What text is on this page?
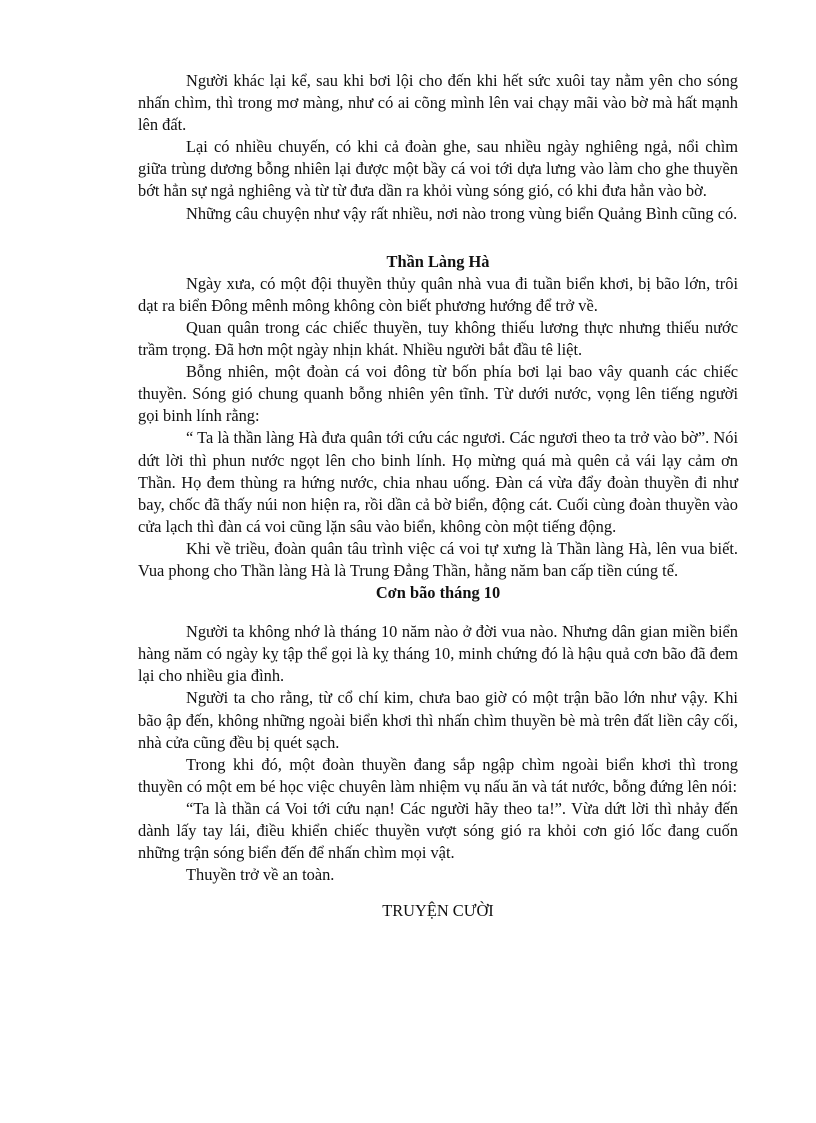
Người khác lại kể, sau khi bơi lội cho đến khi hết sức xuôi tay nằm yên cho sóng nhấn chìm, thì trong mơ màng, như có ai cõng mình lên vai chạy mãi vào bờ mà hất mạnh lên đất.

Lại có nhiều chuyến, có khi cả đoàn ghe, sau nhiều ngày nghiêng ngả, nổi chìm giữa trùng dương bỗng nhiên lại được một bầy cá voi tới dựa lưng vào làm cho ghe thuyền bớt hẳn sự ngả nghiêng và từ từ đưa dần ra khỏi vùng sóng gió, có khi đưa hẳn vào bờ.

Những câu chuyện như vậy rất nhiều, nơi nào trong vùng biển Quảng Bình cũng có.

Thần Làng Hà

Ngày xưa, có một đội thuyền thủy quân nhà vua đi tuần biển khơi, bị bão lớn, trôi dạt ra biển Đông mênh mông không còn biết phương hướng để trở về.

Quan quân trong các chiếc thuyền, tuy không thiếu lương thực nhưng thiếu nước trầm trọng. Đã hơn một ngày nhịn khát. Nhiều người bắt đầu tê liệt.

Bỗng nhiên, một đoàn cá voi đông từ bốn phía bơi lại bao vây quanh các chiếc thuyền. Sóng gió chung quanh bỗng nhiên yên tĩnh. Từ dưới nước, vọng lên tiếng người gọi binh lính rằng:

“ Ta là thần làng Hà đưa quân tới cứu các ngươi. Các ngươi theo ta trở vào bờ”. Nói dứt lời thì phun nước ngọt lên cho binh lính. Họ mừng quá mà quên cả vái lạy cảm ơn Thần. Họ đem thùng ra hứng nước, chia nhau uống. Đàn cá vừa đẩy đoàn thuyền đi như bay, chốc đã thấy núi non hiện ra, rồi dần cả bờ biển, động cát. Cuối cùng đoàn thuyền vào cửa lạch thì đàn cá voi cũng lặn sâu vào biển, không còn một tiếng động.

Khi về triều, đoàn quân tâu trình việc cá voi tự xưng là Thần làng Hà, lên vua biết. Vua phong cho Thần làng Hà là Trung Đẳng Thần, hằng năm ban cấp tiền cúng tế.

Cơn bão tháng 10

Người ta không nhớ là tháng 10 năm nào ở đời vua nào. Nhưng dân gian miền biển hàng năm có ngày kỵ tập thể gọi là kỵ tháng 10, minh chứng đó là hậu quả cơn bão đã đem lại cho nhiều gia đình.

Người ta cho rằng, từ cổ chí kim, chưa bao giờ có một trận bão lớn như vậy. Khi bão ập đến, không những ngoài biển khơi thì nhấn chìm thuyền bè mà trên đất liền cây cối, nhà cửa cũng đều bị quét sạch.

Trong khi đó, một đoàn thuyền đang sắp ngập chìm ngoài biển khơi thì trong thuyền có một em bé học việc chuyên làm nhiệm vụ nấu ăn và tát nước, bỗng đứng lên nói:

“Ta là thần cá Voi tới cứu nạn! Các người hãy theo ta!”. Vừa dứt lời thì nhảy đến dành lấy tay lái, điều khiển chiếc thuyền vượt sóng gió ra khỏi cơn gió lốc đang cuốn những trận sóng biển đến để nhấn chìm mọi vật.

Thuyền trở về an toàn.

TRUYỆN CƯỜI
